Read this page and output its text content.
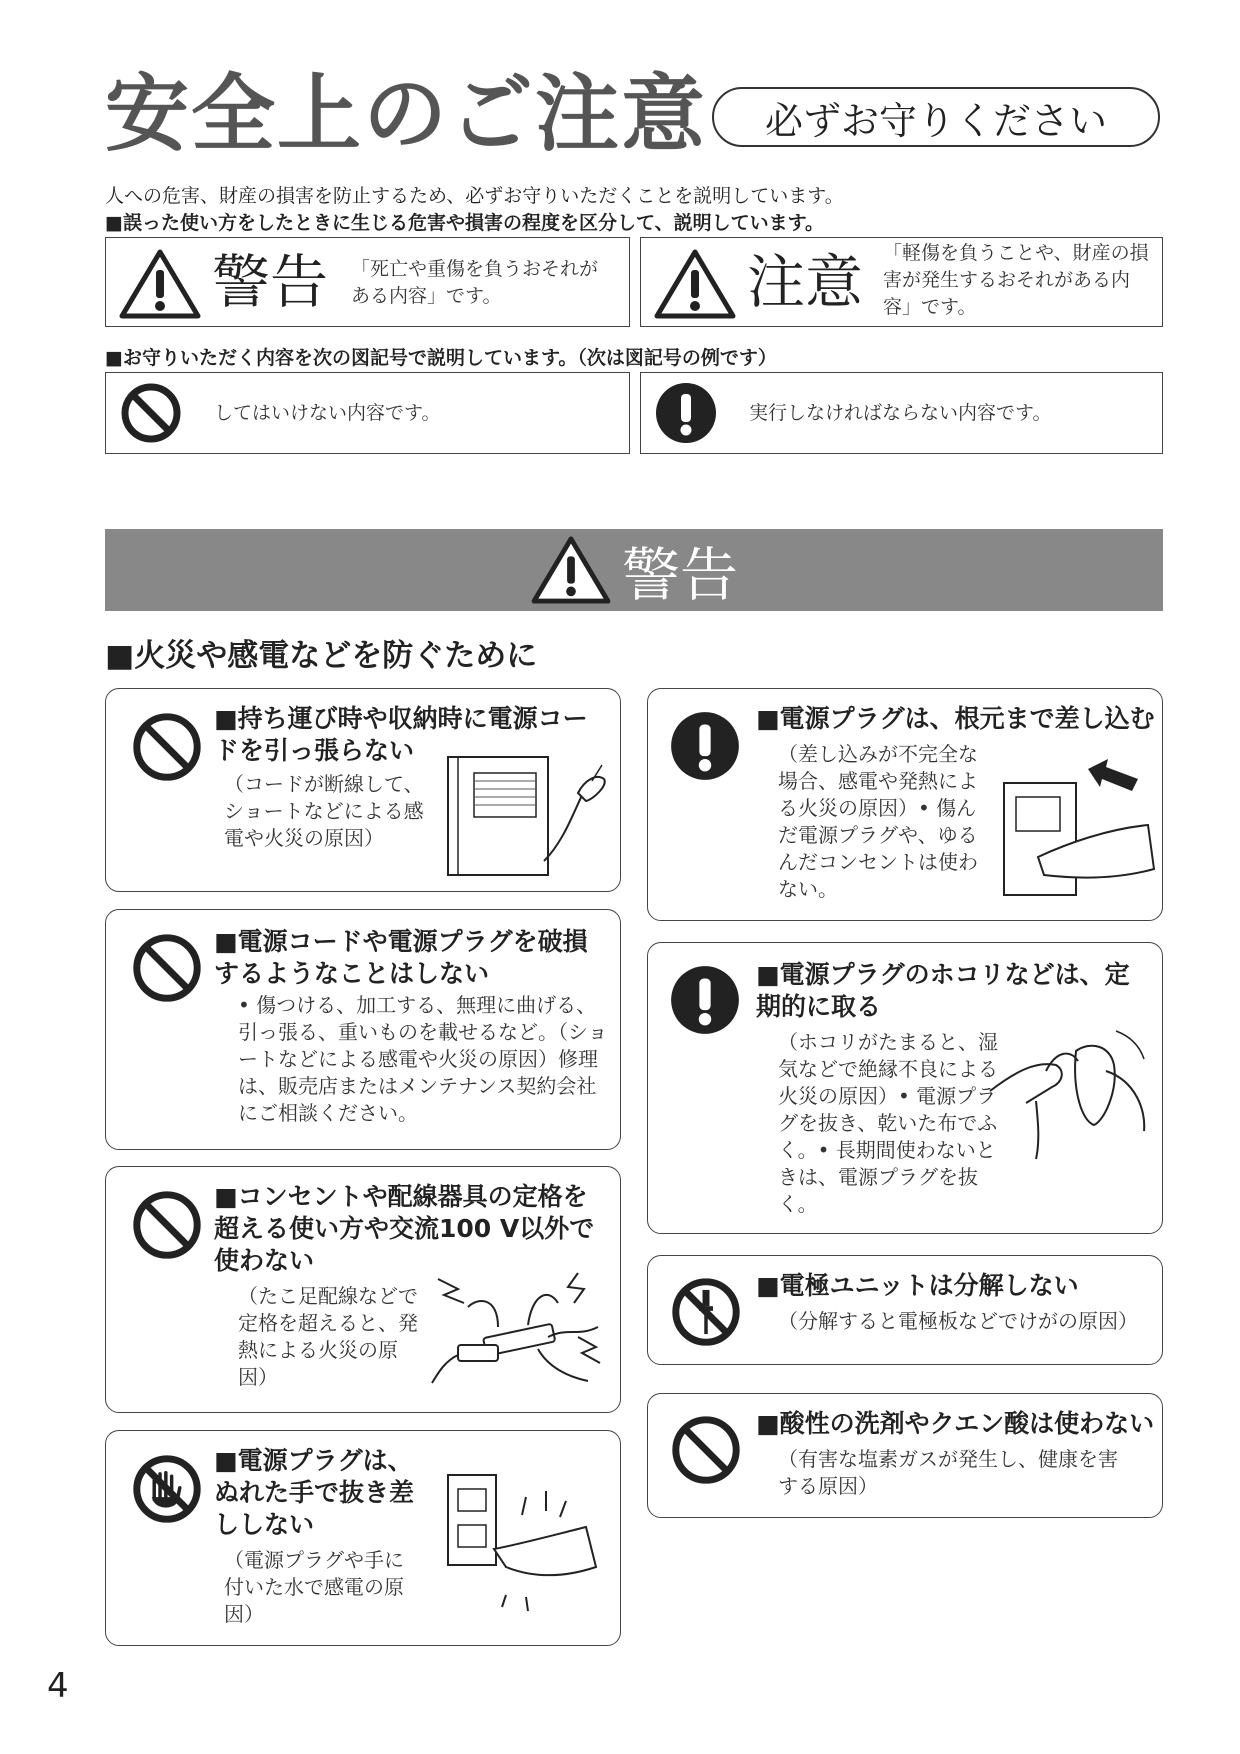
安全上のご注意	必ずお守りください
人への危害、財産の損害を防止するため、必ずお守りいただくことを説明しています。
■誤った使い方をしたときに生じる危害や損害の程度を区分して、説明しています。
警告 「死亡や重傷を負うおそれがある内容」です。	注意 「軽傷を負うことや、財産の損害が発生するおそれがある内容」です。
■お守りいただく内容を次の図記号で説明しています。（次は図記号の例です）
してはいけない内容です。	実行しなければならない内容です。
警告
■火災や感電などを防ぐために
■持ち運び時や収納時に電源コードを引っ張らない
（コードが断線して、ショートなどによる感電や火災の原因）
■電源コードや電源プラグを破損するようなことはしない
• 傷つける、加工する、無理に曲げる、引っ張る、重いものを載せるなど。（ショートなどによる感電や火災の原因）修理は、販売店またはメンテナンス契約会社にご相談ください。
■コンセントや配線器具の定格を超える使い方や交流100 V以外で使わない
（たこ足配線などで定格を超えると、発熱による火災の原因）
■電源プラグは、ぬれた手で抜き差ししない
（電源プラグや手に付いた水で感電の原因）
■電源プラグは、根元まで差し込む
（差し込みが不完全な場合、感電や発熱による火災の原因）• 傷んだ電源プラグや、ゆるんだコンセントは使わない。
■電源プラグのホコリなどは、定期的に取る
（ホコリがたまると、湿気などで絶縁不良による火災の原因）• 電源プラグを抜き、乾いた布でふく。• 長期間使わないときは、電源プラグを抜く。
■電極ユニットは分解しない
（分解すると電極板などでけがの原因）
■酸性の洗剤やクエン酸は使わない
（有害な塩素ガスが発生し、健康を害する原因）
4
